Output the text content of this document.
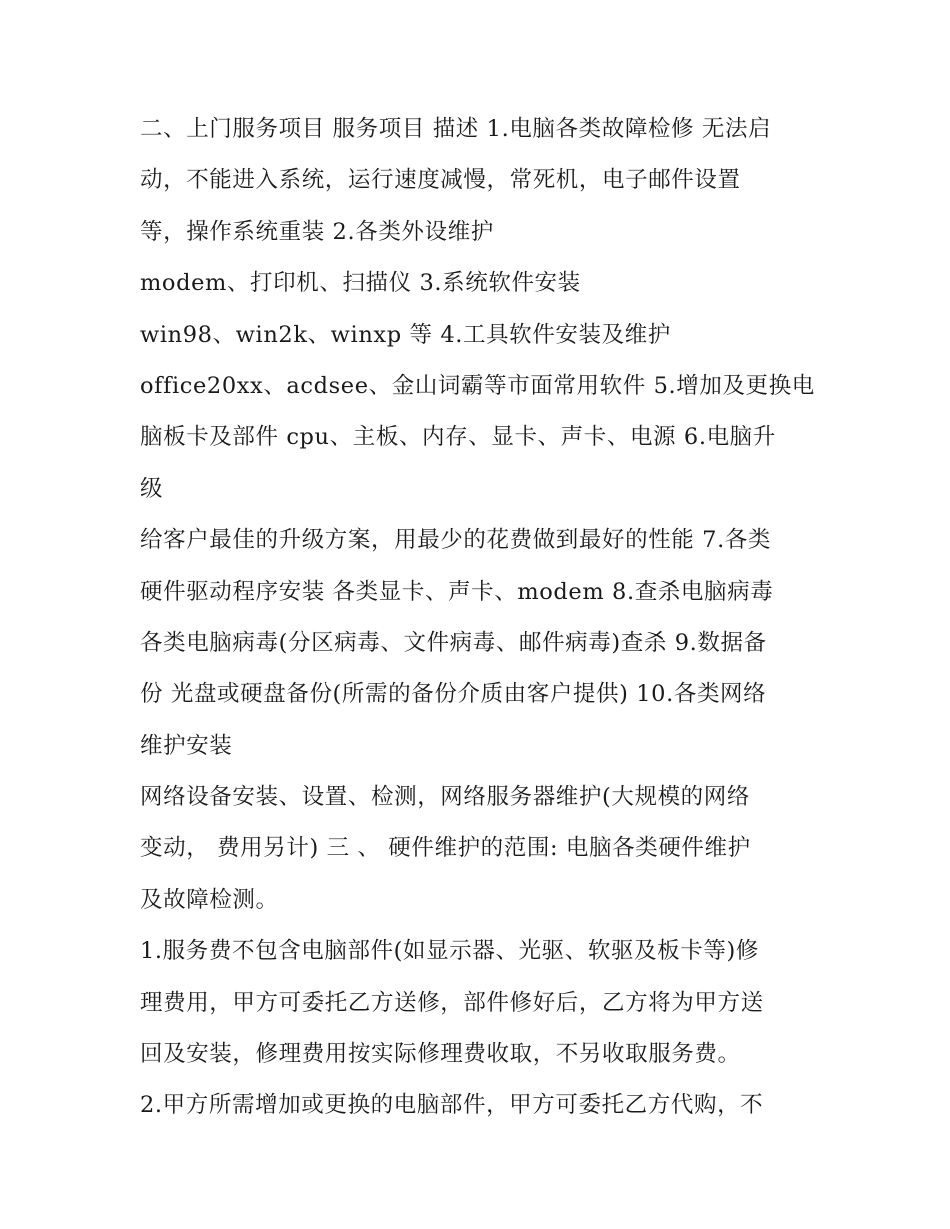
二、上门服务项目 服务项目 描述 1.电脑各类故障检修 无法启
动，不能进入系统，运行速度减慢，常死机，电子邮件设置
等，操作系统重装 2.各类外设维护
modem、打印机、扫描仪 3.系统软件安装
win98、win2k、winxp 等 4.工具软件安装及维护
office20xx、acdsee、金山词霸等市面常用软件 5.增加及更换电
脑板卡及部件 cpu、主板、内存、显卡、声卡、电源 6.电脑升
级
给客户最佳的升级方案，用最少的花费做到最好的性能 7.各类
硬件驱动程序安装 各类显卡、声卡、modem 8.查杀电脑病毒
各类电脑病毒(分区病毒、文件病毒、邮件病毒)查杀 9.数据备
份 光盘或硬盘备份(所需的备份介质由客户提供) 10.各类网络
维护安装
网络设备安装、设置、检测，网络服务器维护(大规模的网络
变动， 费用另计) 三 、 硬件维护的范围: 电脑各类硬件维护
及故障检测。
1.服务费不包含电脑部件(如显示器、光驱、软驱及板卡等)修
理费用，甲方可委托乙方送修，部件修好后，乙方将为甲方送
回及安装，修理费用按实际修理费收取，不另收取服务费。
2.甲方所需增加或更换的电脑部件，甲方可委托乙方代购，不
